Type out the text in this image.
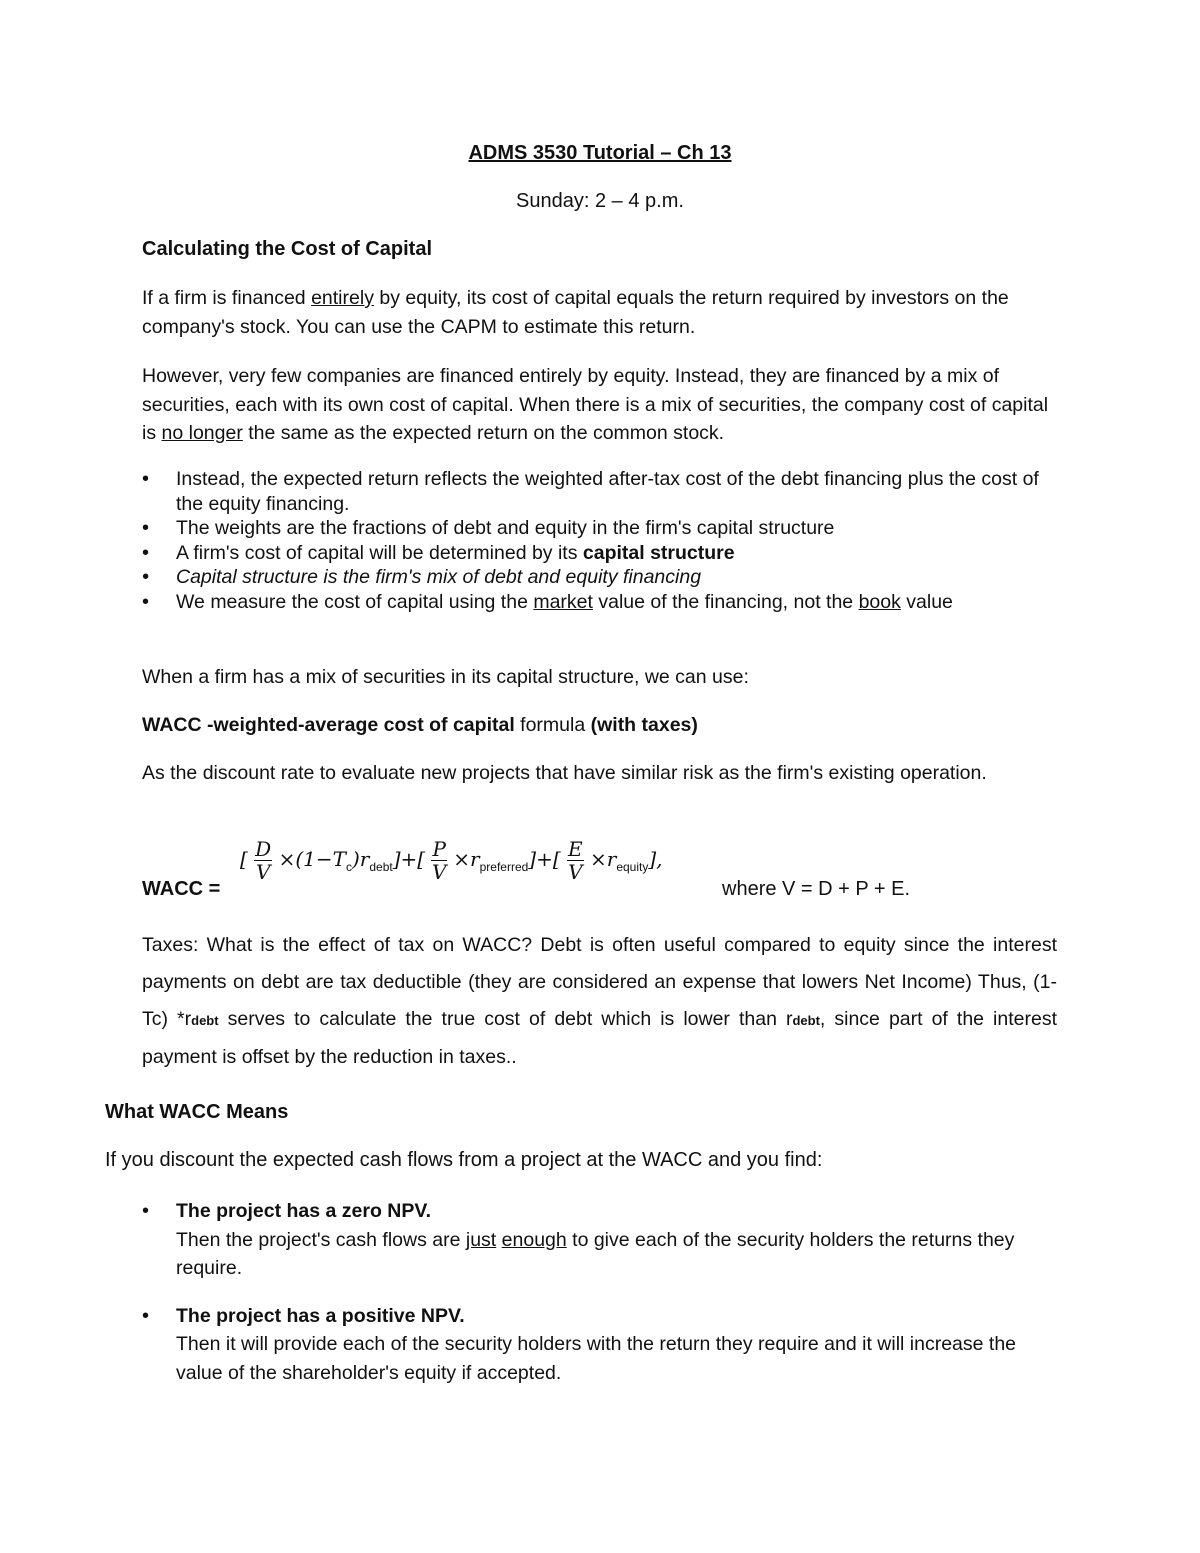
ADMS 3530 Tutorial – Ch 13
Sunday: 2 – 4 p.m.
Calculating the Cost of Capital
If a firm is financed entirely by equity, its cost of capital equals the return required by investors on the company's stock. You can use the CAPM to estimate this return.
However, very few companies are financed entirely by equity. Instead, they are financed by a mix of securities, each with its own cost of capital. When there is a mix of securities, the company cost of capital is no longer the same as the expected return on the common stock.
• Instead, the expected return reflects the weighted after-tax cost of the debt financing plus the cost of the equity financing.
• The weights are the fractions of debt and equity in the firm's capital structure
• A firm's cost of capital will be determined by its capital structure
• Capital structure is the firm's mix of debt and equity financing
• We measure the cost of capital using the market value of the financing, not the book value
When a firm has a mix of securities in its capital structure, we can use:
WACC -weighted-average cost of capital formula (with taxes)
As the discount rate to evaluate new projects that have similar risk as the firm's existing operation.
WACC =
[ $\frac{D}{V} \times(1-T_c)r_{debt}]+[ \frac{P}{V} \times r_{preferred}]+[ \frac{E}{V} \times r_{equity}]$,
where V = D + P + E.
Taxes: What is the effect of tax on WACC? Debt is often useful compared to equity since the interest payments on debt are tax deductible (they are considered an expense that lowers Net Income) Thus, (1-Tc) *rdebt serves to calculate the true cost of debt which is lower than rdebt, since part of the interest payment is offset by the reduction in taxes..
What WACC Means
If you discount the expected cash flows from a project at the WACC and you find:
• The project has a zero NPV.
Then the project's cash flows are just enough to give each of the security holders the returns they require.
• The project has a positive NPV.
Then it will provide each of the security holders with the return they require and it will increase the value of the shareholder's equity if accepted.
